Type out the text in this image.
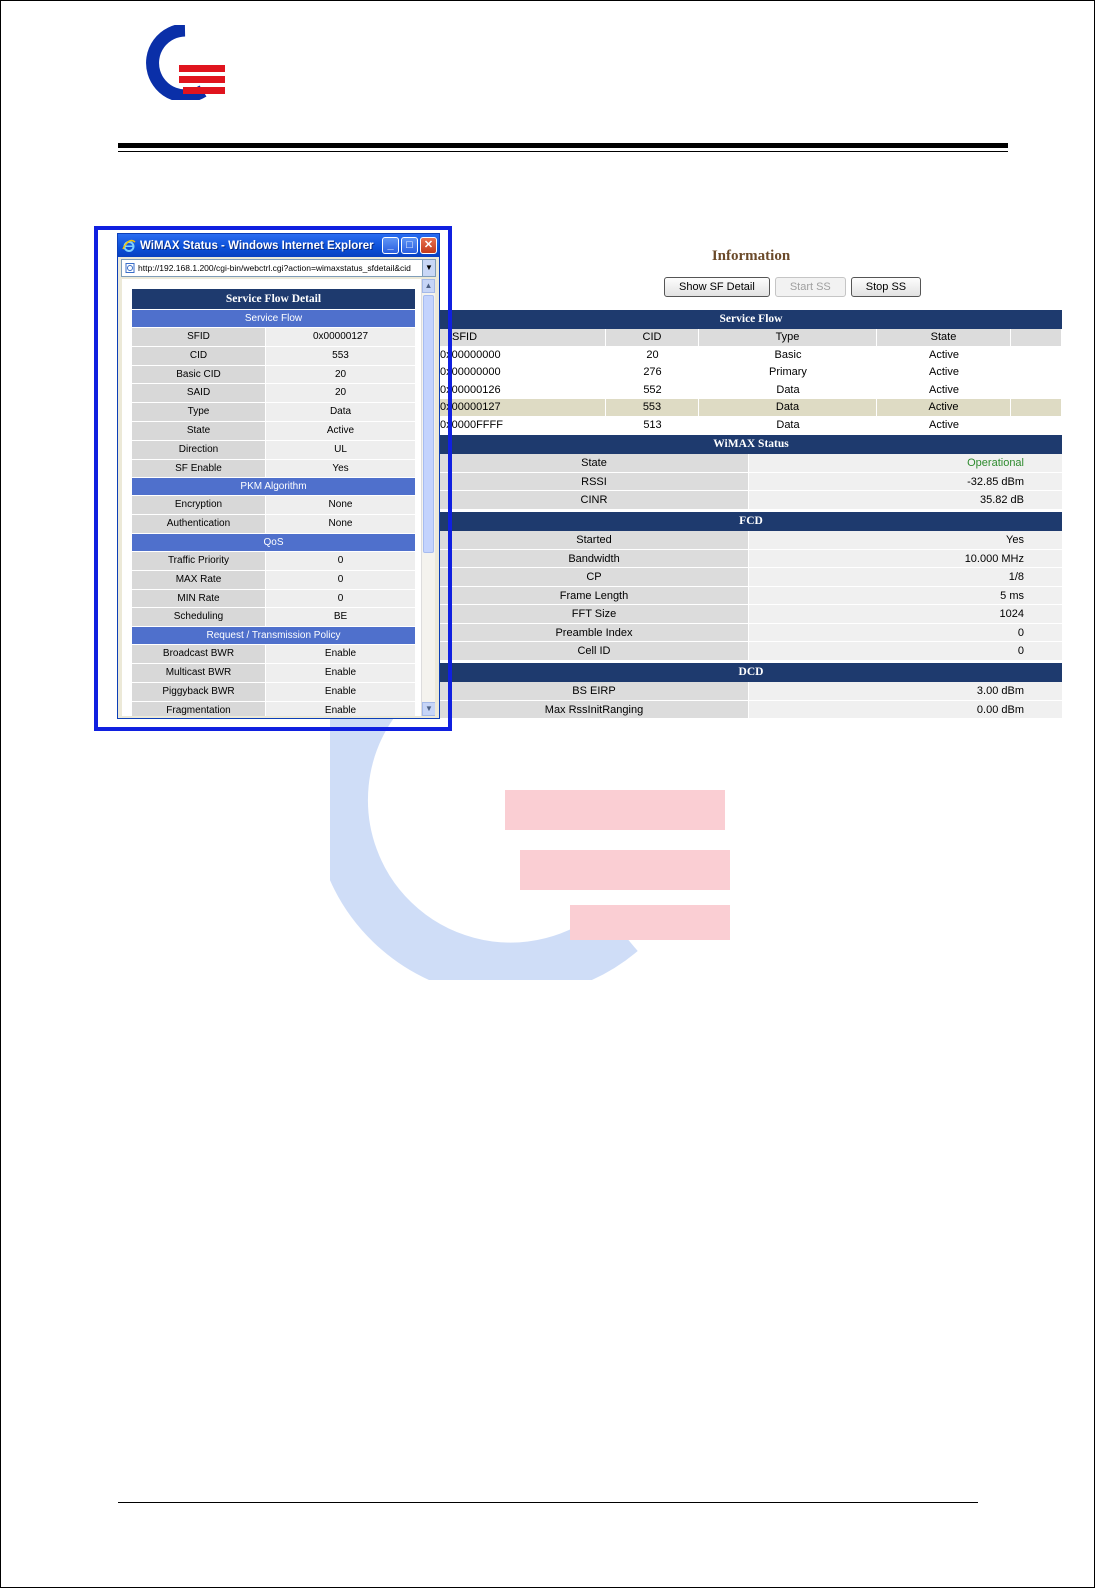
Information
Show SF Detail	Start SS	Stop SS
Service Flow
SFID	CID	Type	State
0x00000000	20	Basic	Active
0x00000000	276	Primary	Active
0x00000126	552	Data	Active
0x00000127	553	Data	Active
0x0000FFFF	513	Data	Active
WiMAX Status
State	Operational
RSSI	-32.85 dBm
CINR	35.82 dB
FCD
Started	Yes
Bandwidth	10.000 MHz
CP	1/8
Frame Length	5 ms
FFT Size	1024
Preamble Index	0
Cell ID	0
DCD
BS EIRP	3.00 dBm
Max RssInitRanging	0.00 dBm
WiMAX Status - Windows Internet Explorer	_	□	✕
http://192.168.1.200/cgi-bin/webctrl.cgi?action=wimaxstatus_sfdetail&cid	▼
Service Flow Detail
Service Flow
SFID	0x00000127
CID	553
Basic CID	20
SAID	20
Type	Data
State	Active
Direction	UL
SF Enable	Yes
PKM Algorithm
Encryption	None
Authentication	None
QoS
Traffic Priority	0
MAX Rate	0
MIN Rate	0
Scheduling	BE
Request / Transmission Policy
Broadcast BWR	Enable
Multicast BWR	Enable
Piggyback BWR	Enable
Fragmentation	Enable
▲
▼
